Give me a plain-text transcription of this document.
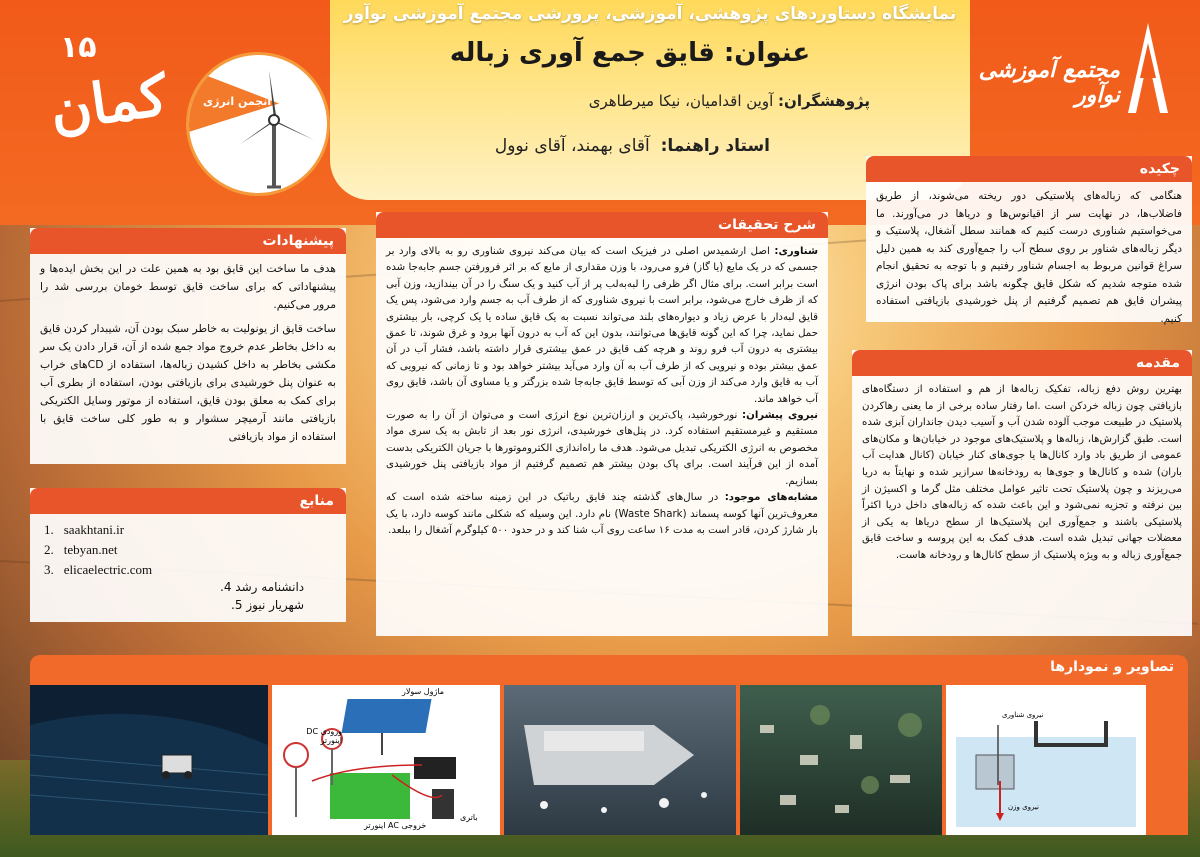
نمایشگاه دستاوردهای پژوهشی، آموزشی، پرورشی مجتمع آموزشی نوآور
عنوان: قایق جمع آوری زباله
پژوهشگران: آوین اقدامیان، نیکا میرطاهری
استاد راهنما:  آقای بهمند، آقای نوول
مجتمع آموزشی نوآور
۱۵
کمان	انجمن انرژی
چکیده

هنگامی که زباله‌های پلاستیکی دور ریخته می‌شوند، از طریق فاضلاب‌ها، در نهایت سر از اقیانوس‌ها و دریاها در می‌آورند. ما می‌خواستیم شناوری درست کنیم که همانند سطل آشغال، پلاستیک و دیگر زباله‌های شناور بر روی سطح آب را جمع‌آوری کند به همین دلیل سراغ قوانین مربوط به اجسام شناور رفتیم و با توجه به تحقیق انجام شده متوجه شدیم که شکل قایق چگونه باشد برای پاک بودن انرژی پیشران قایق هم تصمیم گرفتیم از پنل خورشیدی بازیافتی استفاده کنیم.

مقدمه

بهترین روش دفع زباله، تفکیک زباله‌ها از هم و استفاده از دستگاه‌های بازیافتی چون زباله خردکن است .اما رفتار ساده برخی از ما یعنی رهاکردن پلاستیک در طبیعت موجب آلوده شدن آب و آسیب دیدن جانداران آبزی شده است. طبق گزارش‌ها، زباله‌ها و پلاستیک‌های موجود در خیابان‌ها و مکان‌های عمومی از طریق باد وارد کانال‌ها یا جوی‌های کنار خیابان (کانال هدایت آب باران) شده و کانال‌ها و جوی‌ها به رودخانه‌ها سرازیر شده و نهایتاً به دریا می‌ریزند و چون پلاستیک تحت تاثیر عوامل مختلف مثل گرما و اکسیژن از بین نرفته و تجزیه نمی‌شود و این باعث شده که زباله‌های داخل دریا اکثراً پلاستیکی باشند و جمع‌آوری این پلاستیک‌ها از سطح دریاها به یکی از معضلات جهانی تبدیل شده است. هدف کمک به این پروسه و ساخت قایق جمع‌آوری زباله و به ویژه پلاستیک از سطح کانال‌ها و رودخانه هاست.

شرح تحقیقات

شناوری: اصل ارشمیدس اصلی در فیزیک است که بیان می‌کند نیروی شناوری رو به بالای وارد بر جسمی که در یک مایع (یا گاز) فرو می‌رود، با وزن مقداری از مایع که بر اثر فرورفتن جسم جابه‌جا شده است برابر است. برای مثال اگر ظرفی را لبه‌به‌لب پر از آب کنید و یک سنگ را در آن بیندازید، وزن آبی که از ظرف خارج می‌شود، برابر است با نیروی شناوری که از طرف آب به جسم وارد می‌شود، پس یک قایق لبه‌دار با عرض زیاد و دیواره‌های بلند می‌تواند نسبت به یک قایق ساده یا یک کرچی، بار بیشتری حمل نماید، چرا که این گونه قایق‌ها می‌توانند، بدون این که آب به درون آنها برود و غرق شوند، تا عمق بیشتری به درون آب فرو روند و هرچه کف قایق در عمق بیشتری قرار داشته باشد، فشار آب در آن عمق بیشتر بوده و نیرویی که از طرف آب به آن وارد می‌آید بیشتر خواهد بود و تا زمانی که نیرویی که آب به قایق وارد می‌کند از وزن آبی که توسط قایق جابه‌جا شده بزرگتر و یا مساوی آن باشد، قایق روی آب خواهد ماند.

نیروی پیشران: نورخورشید، پاک‌ترین و ارزان‌ترین نوع انرژی است و می‌توان از آن را به صورت مستقیم و غیرمستقیم استفاده کرد. در پنل‌های خورشیدی، انرژی نور بعد از تابش به یک سری مواد مخصوص به انرژی الکتریکی تبدیل می‌شود. هدف ما راه‌اندازی الکتروموتورها با جریان الکتریکی بدست آمده از این فرآیند است. برای پاک بودن بیشتر هم تصمیم گرفتیم از مواد بازیافتی پنل خورشیدی بسازیم.

مشابه‌های موجود: در سال‌های گذشته چند قایق رباتیک در این زمینه ساخته شده است که معروف‌ترین آنها کوسه پسماند (Waste Shark) نام دارد. این وسیله که شکلی مانند کوسه دارد، با یک بار شارژ کردن، قادر است به مدت ۱۶ ساعت روی آب شنا کند و در حدود ۵۰۰ کیلوگرم آشغال را ببلعد.

پیشنهادات

هدف ما ساخت این قایق بود به همین علت در این بخش ایده‌ها و پیشنهاداتی که برای ساخت قایق توسط خومان بررسی شد را مرور می‌کنیم.

ساخت قایق از یونولیت به خاطر سبک بودن آن، شیبدار کردن قایق به داخل بخاطر عدم خروج مواد جمع شده از آن، قرار دادن یک سر مکشی بخاطر به داخل کشیدن زباله‌ها، استفاده از CDهای خراب به عنوان پنل خورشیدی برای بازیافتی بودن، استفاده از بطری آب برای کمک به معلق بودن قایق، استفاده از موتور وسایل الکتریکی بازیافتی مانند آرمیچر سشوار و به طور کلی ساخت قایق با استفاده از مواد بازیافتی

منابع
1. saakhtani.ir
2. tebyan.net
3. elicaelectric.com
دانشنامه رشد 4.
شهریار نیوز 5.
تصاویر و نمودارها
ماژول سولار
ورودی DC اینورتر
خروجی AC اینورتر
باتری
نیروی شناوری
نیروی وزن
